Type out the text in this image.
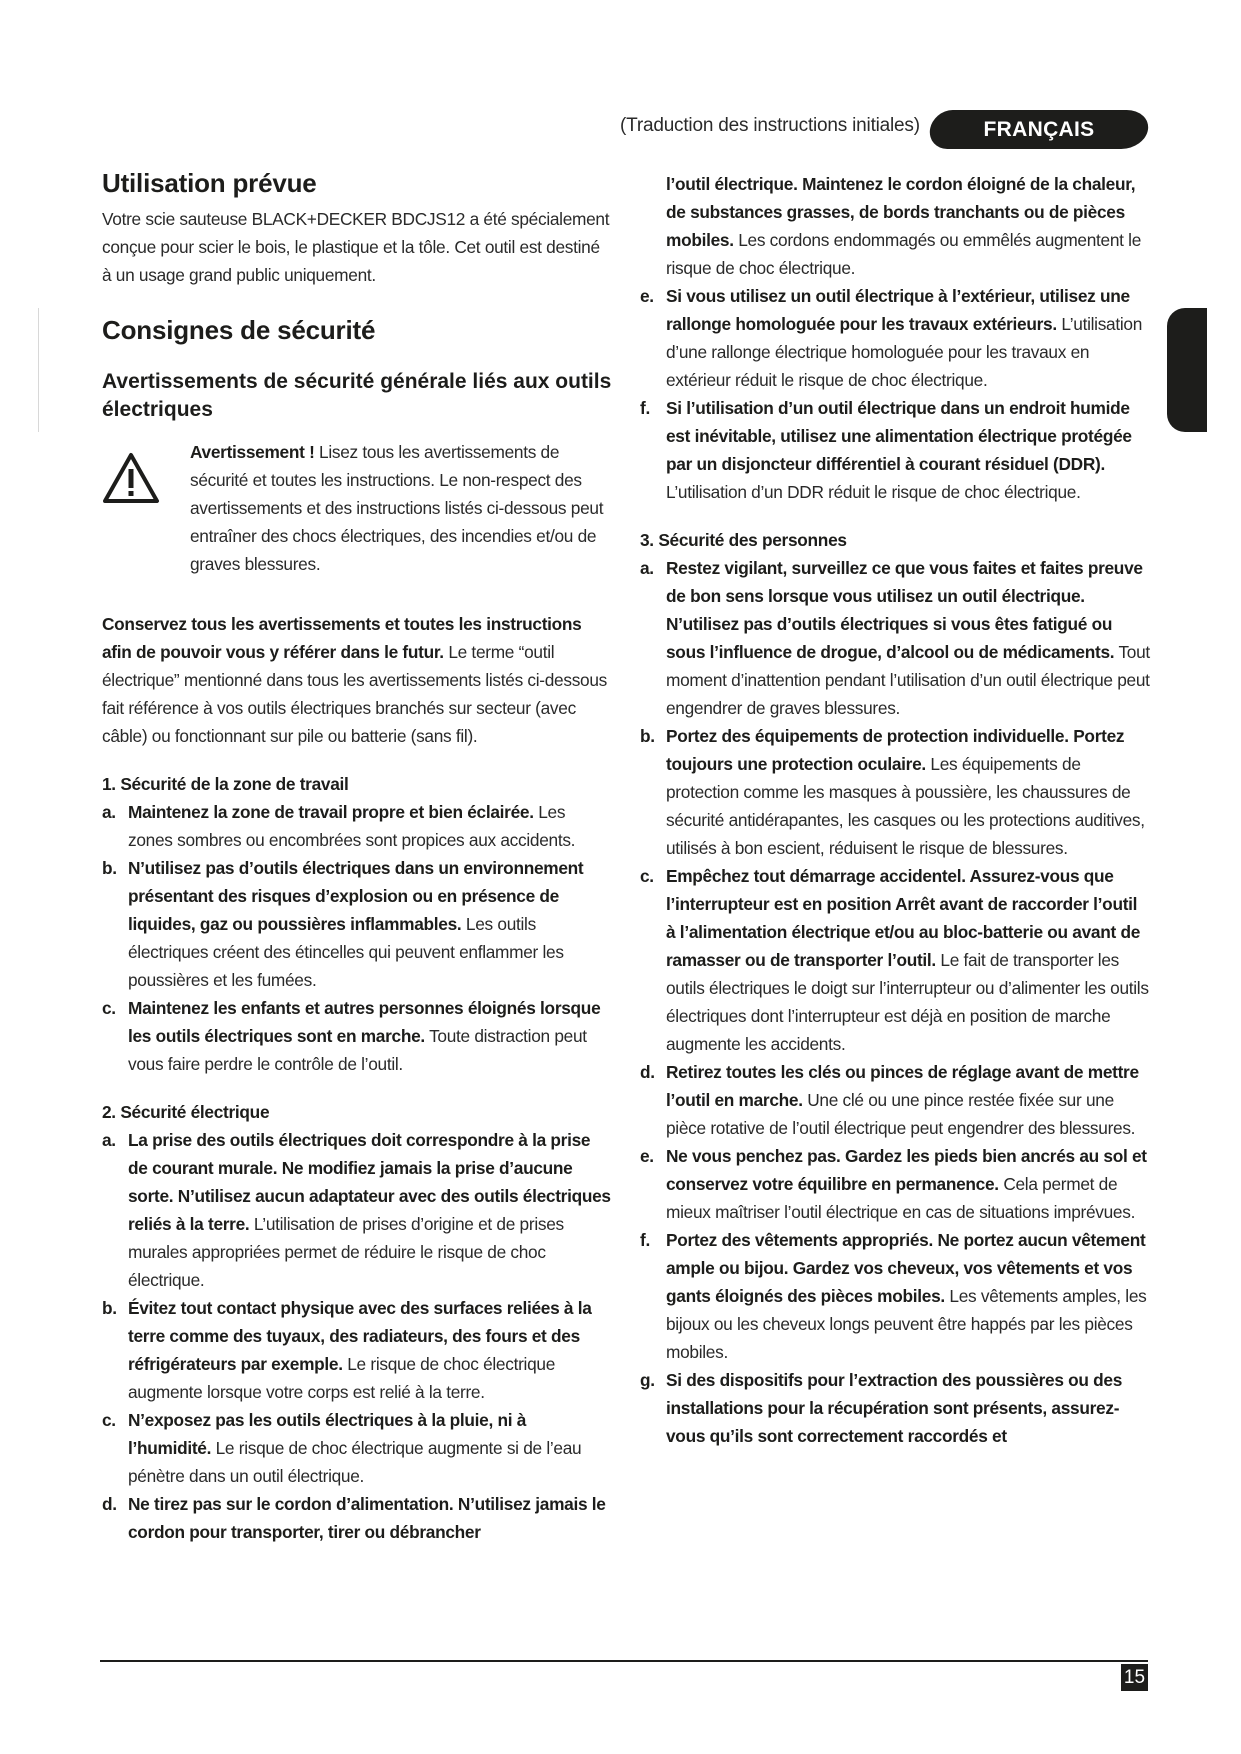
(Traduction des instructions initiales)	FRANÇAIS
Utilisation prévue

Votre scie sauteuse BLACK+DECKER BDCJS12 a été spécialement conçue pour scier le bois, le plastique et la tôle. Cet outil est destiné à un usage grand public uniquement.

Consignes de sécurité
Avertissements de sécurité générale liés aux outils électriques

Avertissement ! Lisez tous les avertissements de sécurité et toutes les instructions. Le non-respect des avertissements et des instructions listés ci-dessous peut entraîner des chocs électriques, des incendies et/ou de graves blessures.

Conservez tous les avertissements et toutes les instructions afin de pouvoir vous y référer dans le futur. Le terme “outil électrique” mentionné dans tous les avertissements listés ci-dessous fait référence à vos outils électriques branchés sur secteur (avec câble) ou fonctionnant sur pile ou batterie (sans fil).

1. Sécurité de la zone de travail
a. Maintenez la zone de travail propre et bien éclairée. Les zones sombres ou encombrées sont propices aux accidents.
b. N’utilisez pas d’outils électriques dans un environnement présentant des risques d’explosion ou en présence de liquides, gaz ou poussières inflammables. Les outils électriques créent des étincelles qui peuvent enflammer les poussières et les fumées.
c. Maintenez les enfants et autres personnes éloignés lorsque les outils électriques sont en marche. Toute distraction peut vous faire perdre le contrôle de l’outil.
2. Sécurité électrique
a. La prise des outils électriques doit correspondre à la prise de courant murale. Ne modifiez jamais la prise d’aucune sorte. N’utilisez aucun adaptateur avec des outils électriques reliés à la terre. L’utilisation de prises d’origine et de prises murales appropriées permet de réduire le risque de choc électrique.
b. Évitez tout contact physique avec des surfaces reliées à la terre comme des tuyaux, des radiateurs, des fours et des réfrigérateurs par exemple. Le risque de choc électrique augmente lorsque votre corps est relié à la terre.
c. N’exposez pas les outils électriques à la pluie, ni à l’humidité. Le risque de choc électrique augmente si de l’eau pénètre dans un outil électrique.
d. Ne tirez pas sur le cordon d’alimentation. N’utilisez jamais le cordon pour transporter, tirer ou débrancher
l’outil électrique. Maintenez le cordon éloigné de la chaleur, de substances grasses, de bords tranchants ou de pièces mobiles. Les cordons endommagés ou emmêlés augmentent le risque de choc électrique.
e. Si vous utilisez un outil électrique à l’extérieur, utilisez une rallonge homologuée pour les travaux extérieurs. L’utilisation d’une rallonge électrique homologuée pour les travaux en extérieur réduit le risque de choc électrique.
f. Si l’utilisation d’un outil électrique dans un endroit humide est inévitable, utilisez une alimentation électrique protégée par un disjoncteur différentiel à courant résiduel (DDR). L’utilisation d’un DDR réduit le risque de choc électrique.
3. Sécurité des personnes
a. Restez vigilant, surveillez ce que vous faites et faites preuve de bon sens lorsque vous utilisez un outil électrique. N’utilisez pas d’outils électriques si vous êtes fatigué ou sous l’influence de drogue, d’alcool ou de médicaments. Tout moment d’inattention pendant l’utilisation d’un outil électrique peut engendrer de graves blessures.
b. Portez des équipements de protection individuelle. Portez toujours une protection oculaire. Les équipements de protection comme les masques à poussière, les chaussures de sécurité antidérapantes, les casques ou les protections auditives, utilisés à bon escient, réduisent le risque de blessures.
c. Empêchez tout démarrage accidentel. Assurez-vous que l’interrupteur est en position Arrêt avant de raccorder l’outil à l’alimentation électrique et/ou au bloc-batterie ou avant de ramasser ou de transporter l’outil. Le fait de transporter les outils électriques le doigt sur l’interrupteur ou d’alimenter les outils électriques dont l’interrupteur est déjà en position de marche augmente les accidents.
d. Retirez toutes les clés ou pinces de réglage avant de mettre l’outil en marche. Une clé ou une pince restée fixée sur une pièce rotative de l’outil électrique peut engendrer des blessures.
e. Ne vous penchez pas. Gardez les pieds bien ancrés au sol et conservez votre équilibre en permanence. Cela permet de mieux maîtriser l’outil électrique en cas de situations imprévues.
f. Portez des vêtements appropriés. Ne portez aucun vêtement ample ou bijou. Gardez vos cheveux, vos vêtements et vos gants éloignés des pièces mobiles. Les vêtements amples, les bijoux ou les cheveux longs peuvent être happés par les pièces mobiles.
g. Si des dispositifs pour l’extraction des poussières ou des installations pour la récupération sont présents, assurez-vous qu’ils sont correctement raccordés et
15
